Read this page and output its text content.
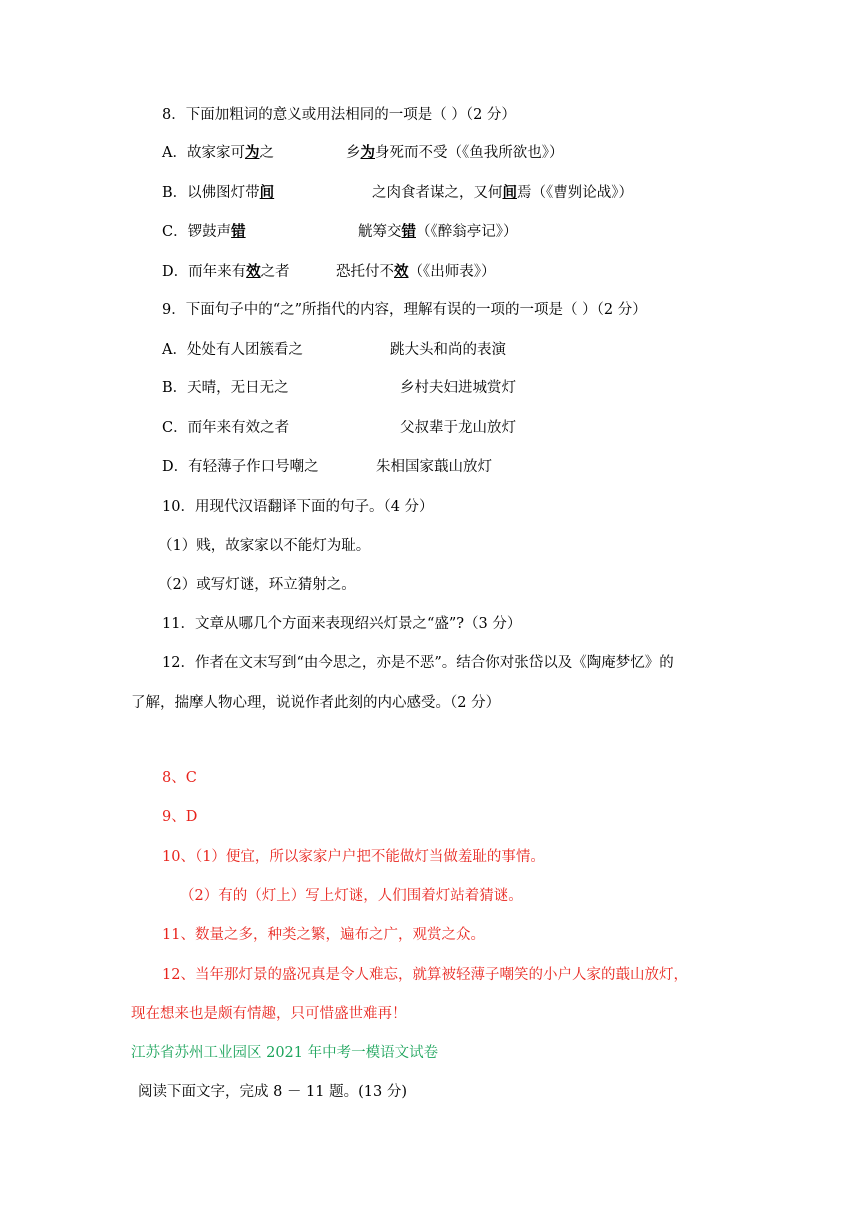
8．下面加粗词的意义或用法相同的一项是（ ）（2 分）
A．故家家可为之	乡为身死而不受（《鱼我所欲也》）
B．以佛图灯带间	之肉食者谋之，又何间焉（《曹刿论战》）
C．锣鼓声错	觥筹交错（《醉翁亭记》）
D．而年来有效之者	恐托付不效（《出师表》）
9．下面句子中的“之”所指代的内容，理解有误的一项的一项是（ ）（2 分）
A．处处有人团簇看之	跳大头和尚的表演
B．天晴，无日无之	乡村夫妇进城赏灯
C．而年来有效之者	父叔辈于龙山放灯
D．有轻薄子作口号嘲之	朱相国家蕺山放灯
10．用现代汉语翻译下面的句子。（4 分）
（1）贱，故家家以不能灯为耻。
（2）或写灯谜，环立猜射之。
11．文章从哪几个方面来表现绍兴灯景之“盛”?（3 分）
12．作者在文末写到“由今思之，亦是不恶”。结合你对张岱以及《陶庵梦忆》的
了解，揣摩人物心理，说说作者此刻的内心感受。（2 分）
8、C
9、D
10、（1）便宜，所以家家户户把不能做灯当做羞耻的事情。
（2）有的（灯上）写上灯谜，人们围着灯站着猜谜。
11、数量之多，种类之繁，遍布之广，观赏之众。
12、当年那灯景的盛况真是令人难忘，就算被轻薄子嘲笑的小户人家的蕺山放灯，
现在想来也是颇有情趣，只可惜盛世难再！
江苏省苏州工业园区 2021 年中考一模语文试卷
阅读下面文字，完成 8 － 11 题。(13 分)
